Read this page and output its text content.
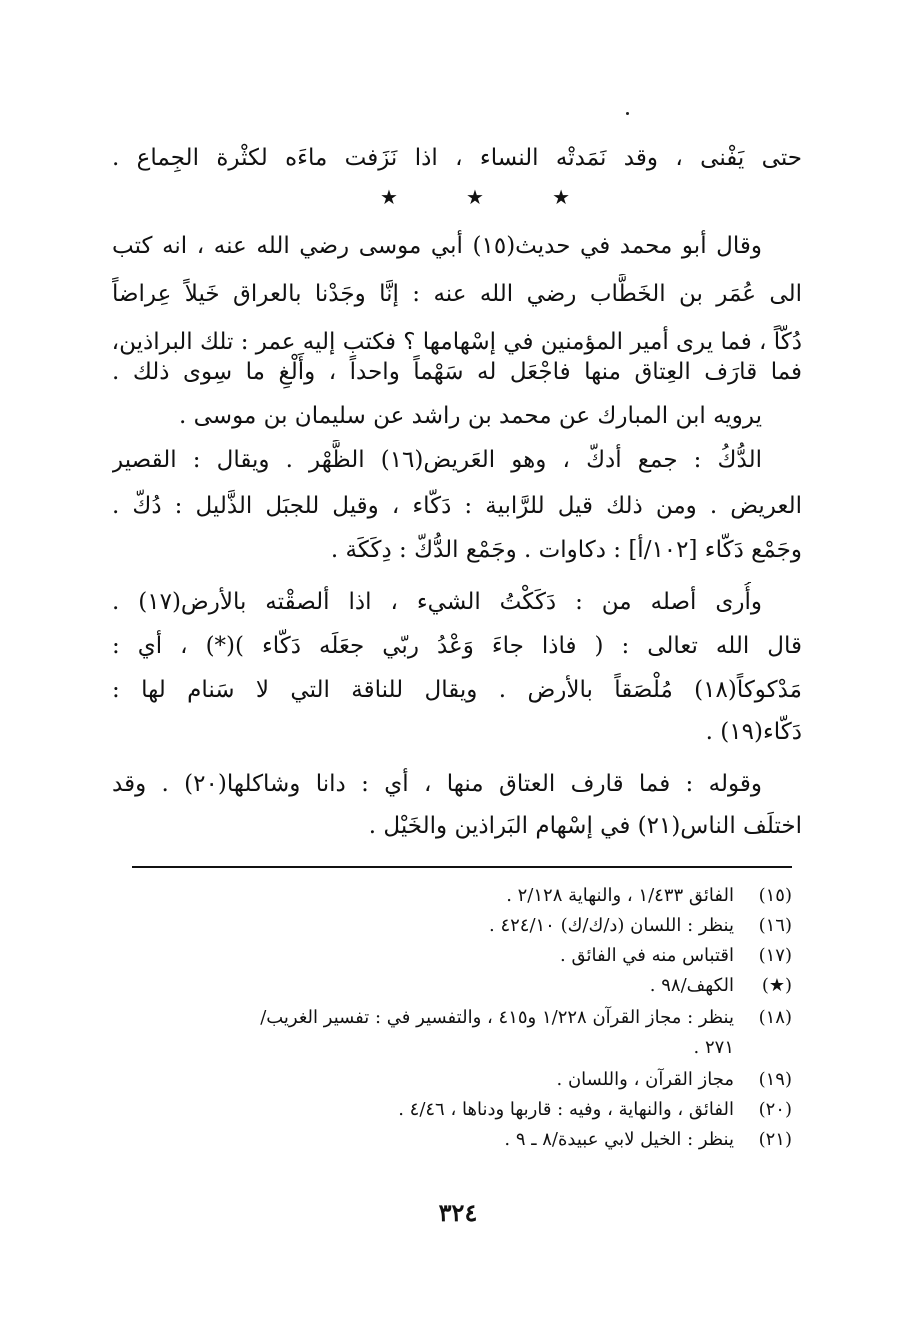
حتى يَفْنى ، وقد نَمَدتْه النساء ، اذا نَزَفت ماءَه لكثْرة الجِماع .
★	★	★
وقال أبو محمد في حديث(١٥) أبي موسى رضي الله عنه ، انه كتب
الى عُمَر بن الخَطَّاب رضي الله عنه : إنَّا وجَدْنا بالعراق خَيلاً عِراضاً
دُكّاً ، فما يرى أمير المؤمنين في إسْهامها ؟ فكتب إليه عمر : تلك البراذين،
فما قارَف العِتاق منها فاجْعَل له سَهْماً واحداً ، وأَلْغِ ما سِوى ذلك .
يرويه ابن المبارك عن محمد بن راشد عن سليمان بن موسى .
الدُّكُ : جمع أدكّ ، وهو العَريض(١٦) الظَّهْر . ويقال : القصير
العريض . ومن ذلك قيل للرَّابية : دَكّاء ، وقيل للجبَل الذَّليل : دُكّ .
وجَمْع دَكّاء [١٠٢/أ] : دكاوات . وجَمْع الدُّكّ : دِكَكَة .
وأُرى أصله من : دَكَكْتُ الشيء ، اذا ألصقْته بالأرض(١٧) .
قال الله تعالى : ( فاذا جاءَ وَعْدُ ربّي جعَلَه دَكّاء )(*) ، أي :
مَدْكوكاً(١٨) مُلْصَقاً بالأرض . ويقال للناقة التي لا سَنام لها :
دَكّاء(١٩) .
وقوله : فما قارف العتاق منها ، أي : دانا وشاكلها(٢٠) . وقد
اختلَف الناس(٢١) في إسْهام البَراذين والخَيْل .
(١٥)
الفائق ١/٤٣٣ ، والنهاية ٢/١٢٨ .
(١٦)
ينظر : اللسان (د/ك/ك) ٤٢٤/١٠ .
(١٧)
اقتباس منه في الفائق .
(★)
الكهف/٩٨ .
(١٨)
ينظر : مجاز القرآن ١/٢٢٨ و٤١٥ ، والتفسير في : تفسير الغريب/
٢٧١ .
(١٩)
مجاز القرآن ، واللسان .
(٢٠)
الفائق ، والنهاية ، وفيه : قاربها ودناها ، ٤/٤٦ .
(٢١)
ينظر : الخيل لابي عبيدة/٨ ـ ٩ .
٣٢٤
